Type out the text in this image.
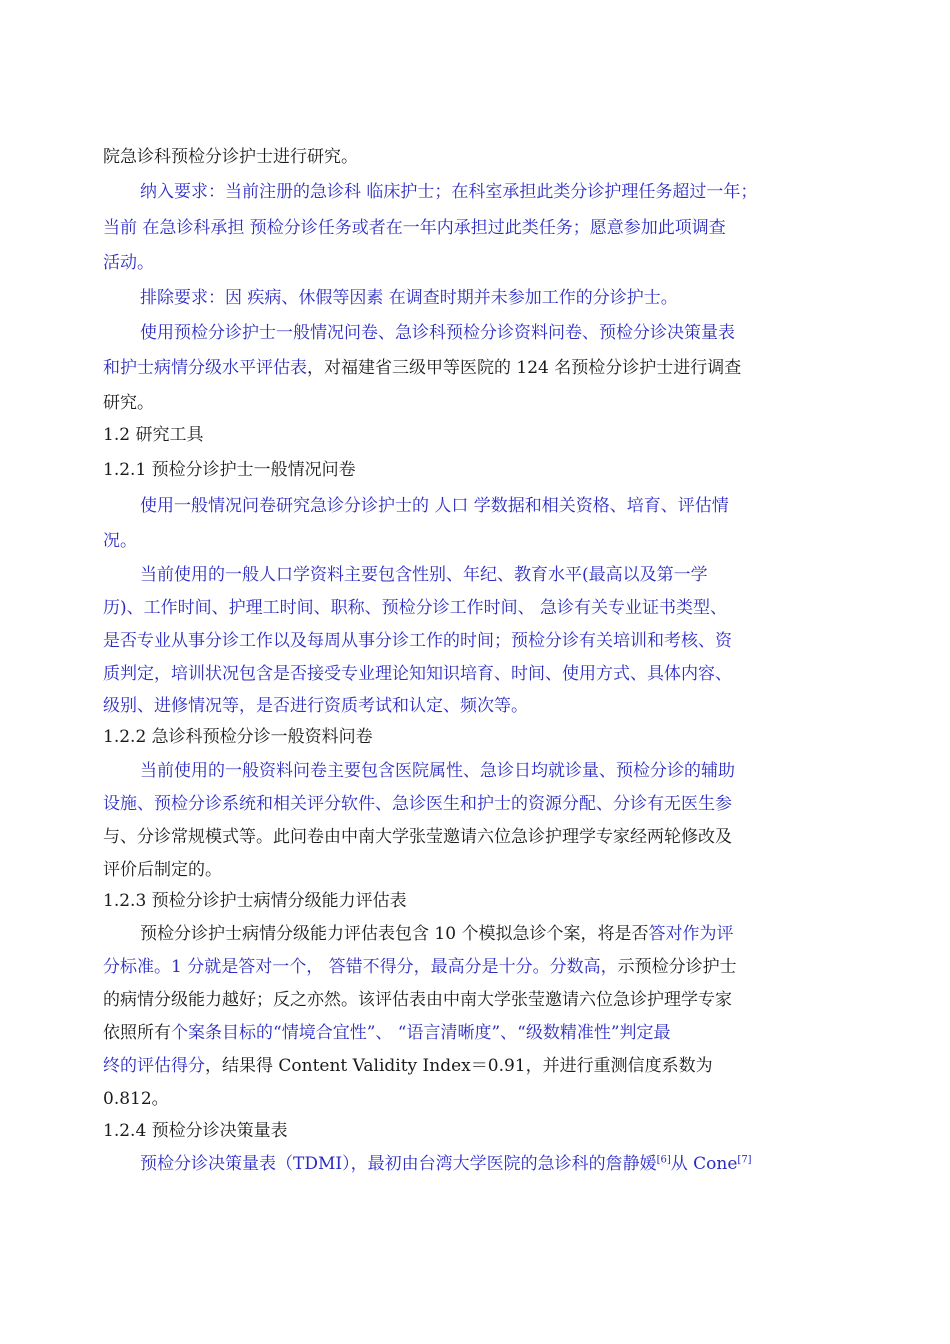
院急诊科预检分诊护士进行研究。
纳入要求：当前注册的急诊科 临床护士；在科室承担此类分诊护理任务超过一年；
当前 在急诊科承担 预检分诊任务或者在一年内承担过此类任务；愿意参加此项调查
活动。
排除要求：因 疾病、休假等因素 在调查时期并未参加工作的分诊护士。
使用预检分诊护士一般情况问卷、急诊科预检分诊资料问卷、预检分诊决策量表
和护士病情分级水平评估表，对福建省三级甲等医院的 124 名预检分诊护士进行调查
研究。
1.2 研究工具
1.2.1 预检分诊护士一般情况问卷
使用一般情况问卷研究急诊分诊护士的 人口 学数据和相关资格、培育、评估情
况。
当前使用的一般人口学资料主要包含性别、年纪、教育水平(最高以及第一学
历)、工作时间、护理工时间、职称、预检分诊工作时间、 急诊有关专业证书类型、
是否专业从事分诊工作以及每周从事分诊工作的时间；预检分诊有关培训和考核、资
质判定，培训状况包含是否接受专业理论知知识培育、时间、使用方式、具体内容、
级别、进修情况等，是否进行资质考试和认定、频次等。
1.2.2 急诊科预检分诊一般资料问卷
当前使用的一般资料问卷主要包含医院属性、急诊日均就诊量、预检分诊的辅助
设施、预检分诊系统和相关评分软件、急诊医生和护士的资源分配、分诊有无医生参
与、分诊常规模式等。此问卷由中南大学张莹邀请六位急诊护理学专家经两轮修改及
评价后制定的。
1.2.3 预检分诊护士病情分级能力评估表
预检分诊护士病情分级能力评估表包含 10 个模拟急诊个案，将是否答对作为评
分标准。1 分就是答对一个， 答错不得分，最高分是十分。分数高，示预检分诊护士
的病情分级能力越好；反之亦然。该评估表由中南大学张莹邀请六位急诊护理学专家
依照所有个案条目标的“情境合宜性”、 “语言清晰度”、“级数精准性”判定最
终的评估得分，结果得 Content Validity Index＝0.91，并进行重测信度系数为
0.812。
1.2.4 预检分诊决策量表
预检分诊决策量表（TDMI），最初由台湾大学医院的急诊科的詹静媛[6]从 Cone[7]
